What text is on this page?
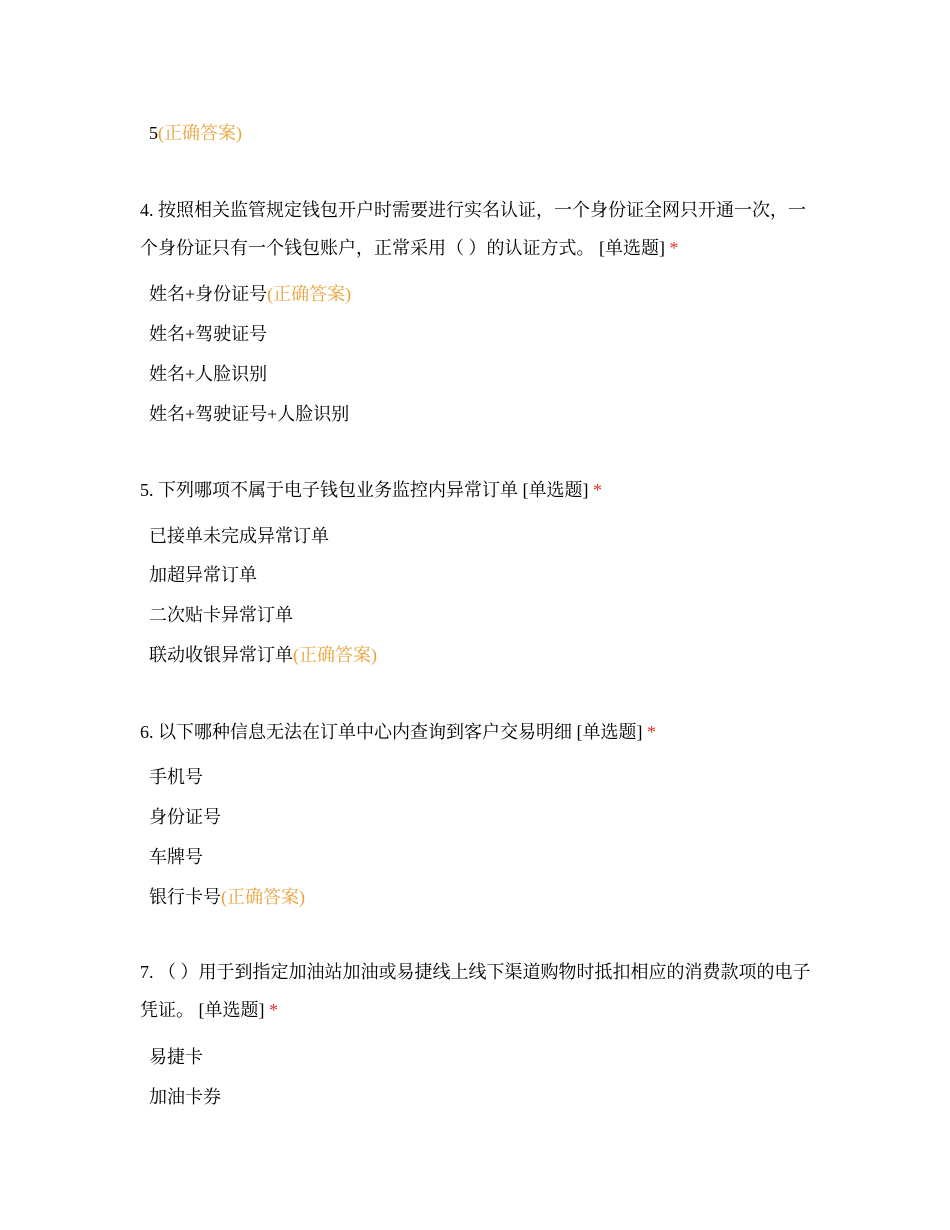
5(正确答案)
4. 按照相关监管规定钱包开户时需要进行实名认证，一个身份证全网只开通一次，一个身份证只有一个钱包账户，正常采用（ ）的认证方式。 [单选题] *
姓名+身份证号(正确答案)
姓名+驾驶证号
姓名+人脸识别
姓名+驾驶证号+人脸识别
5. 下列哪项不属于电子钱包业务监控内异常订单 [单选题] *
已接单未完成异常订单
加超异常订单
二次贴卡异常订单
联动收银异常订单(正确答案)
6. 以下哪种信息无法在订单中心内查询到客户交易明细 [单选题] *
手机号
身份证号
车牌号
银行卡号(正确答案)
7. （ ）用于到指定加油站加油或易捷线上线下渠道购物时抵扣相应的消费款项的电子凭证。 [单选题] *
易捷卡
加油卡券
